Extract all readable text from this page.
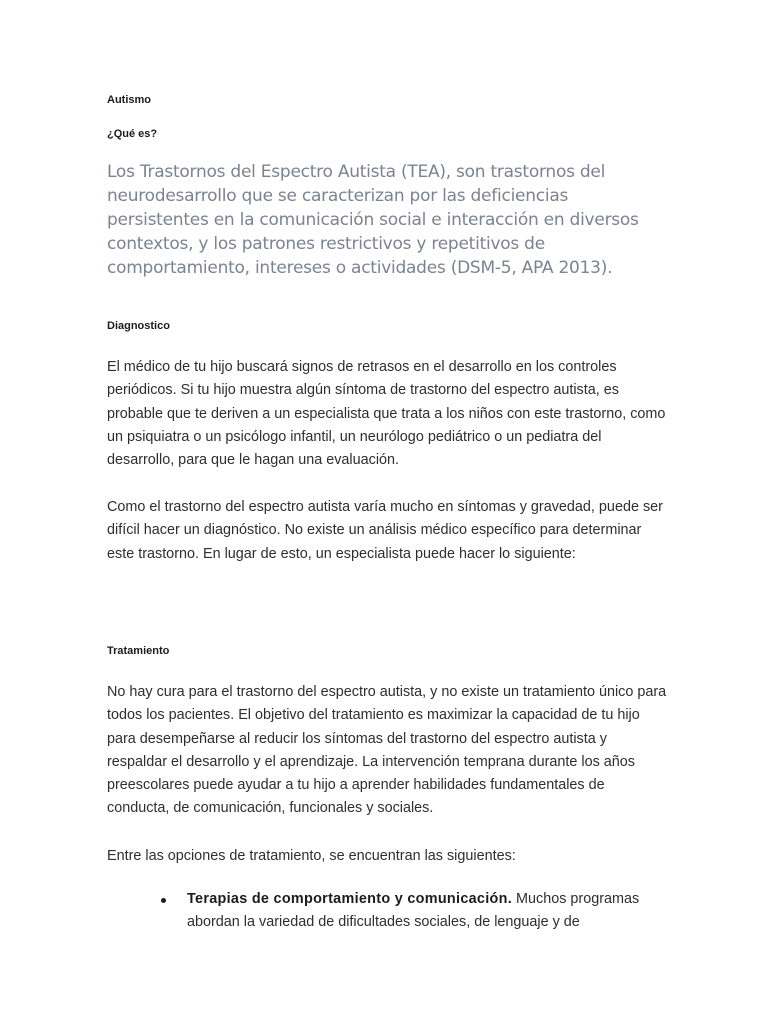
Autismo
¿Qué es?

Los Trastornos del Espectro Autista (TEA), son trastornos del neurodesarrollo que se caracterizan por las deficiencias persistentes en la comunicación social e interacción en diversos contextos, y los patrones restrictivos y repetitivos de comportamiento, intereses o actividades (DSM-5, APA 2013).

Diagnostico

El médico de tu hijo buscará signos de retrasos en el desarrollo en los controles periódicos. Si tu hijo muestra algún síntoma de trastorno del espectro autista, es probable que te deriven a un especialista que trata a los niños con este trastorno, como un psiquiatra o un psicólogo infantil, un neurólogo pediátrico o un pediatra del desarrollo, para que le hagan una evaluación.

Como el trastorno del espectro autista varía mucho en síntomas y gravedad, puede ser difícil hacer un diagnóstico. No existe un análisis médico específico para determinar este trastorno. En lugar de esto, un especialista puede hacer lo siguiente:

Tratamiento

No hay cura para el trastorno del espectro autista, y no existe un tratamiento único para todos los pacientes. El objetivo del tratamiento es maximizar la capacidad de tu hijo para desempeñarse al reducir los síntomas del trastorno del espectro autista y respaldar el desarrollo y el aprendizaje. La intervención temprana durante los años preescolares puede ayudar a tu hijo a aprender habilidades fundamentales de conducta, de comunicación, funcionales y sociales.

Entre las opciones de tratamiento, se encuentran las siguientes:

Terapias de comportamiento y comunicación. Muchos programas abordan la variedad de dificultades sociales, de lenguaje y de
